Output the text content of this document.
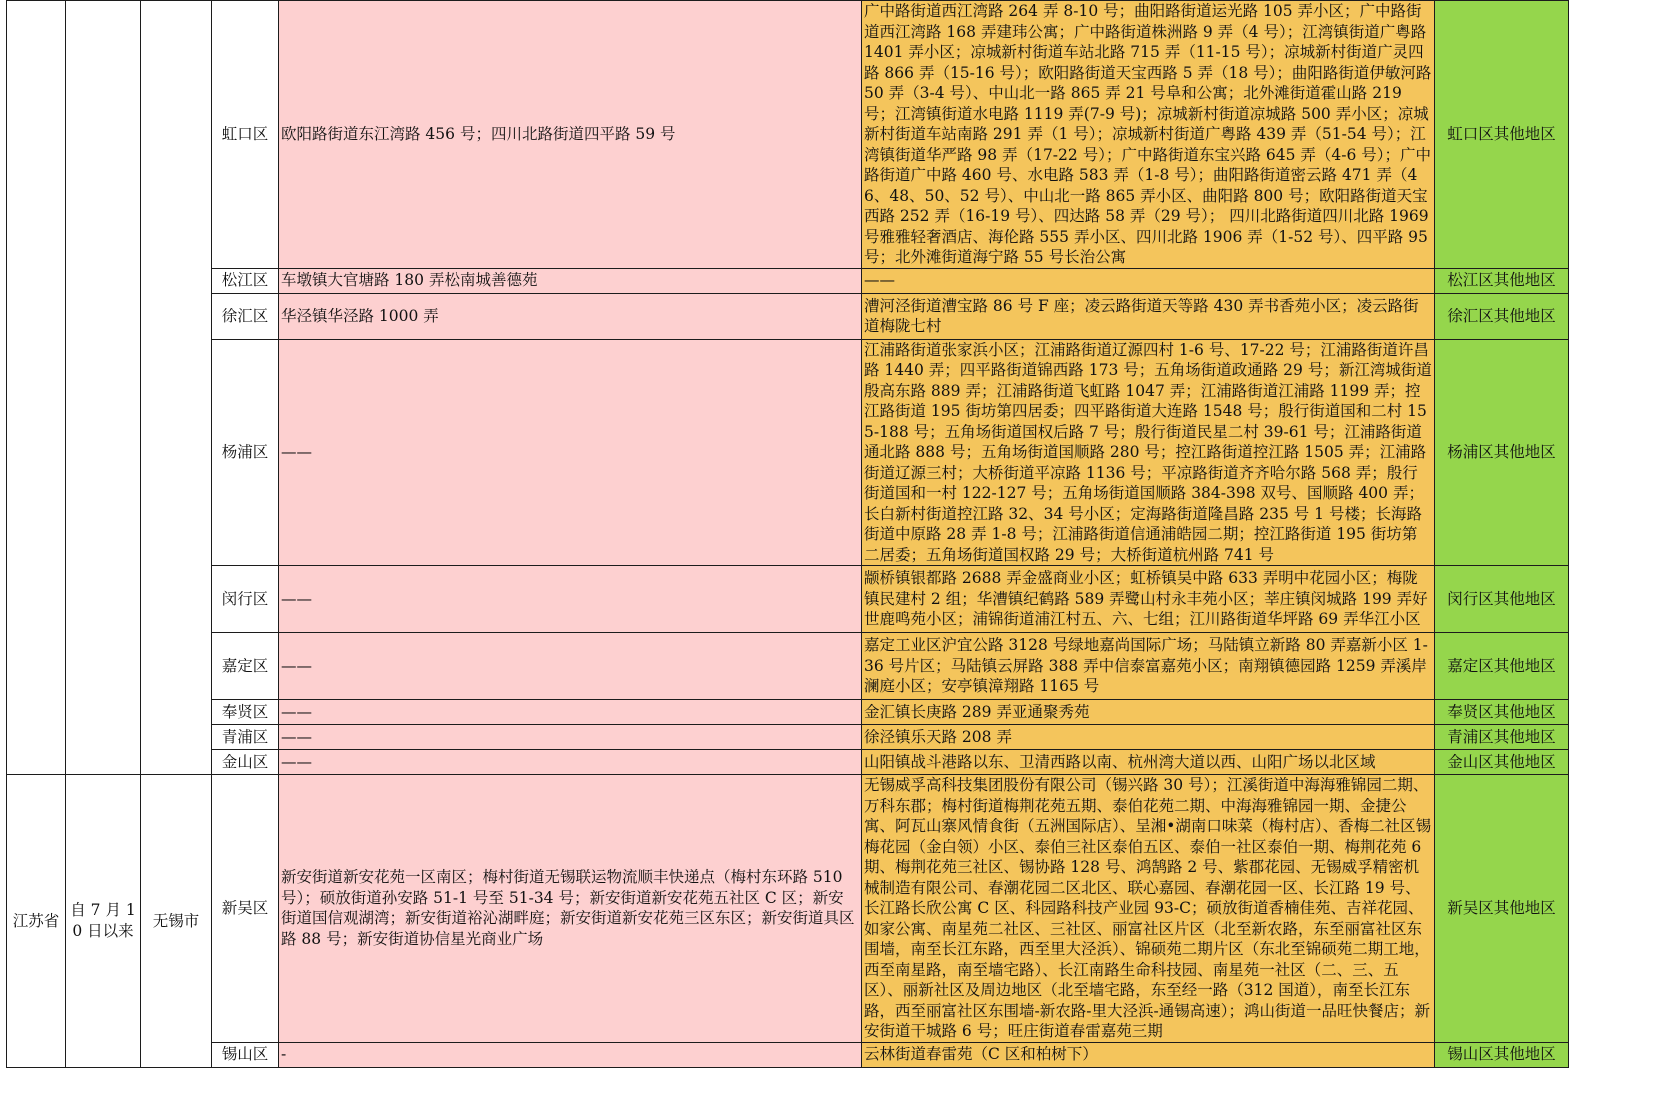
			虹口区	欧阳路街道东江湾路 456 号；四川北路街道四平路 59 号	广中路街道西江湾路 264 弄 8-10 号；曲阳路街道运光路 105 弄小区；广中路街道西江湾路 168 弄建玮公寓；广中路街道株洲路 9 弄（4 号）；江湾镇街道广粤路 1401 弄小区；凉城新村街道车站北路 715 弄（11-15 号）；凉城新村街道广灵四路 866 弄（15-16 号）；欧阳路街道天宝西路 5 弄（18 号）；曲阳路街道伊敏河路 50 弄（3-4 号）、中山北一路 865 弄 21 号阜和公寓；北外滩街道霍山路 219 号；江湾镇街道水电路 1119 弄(7-9 号)；凉城新村街道凉城路 500 弄小区；凉城新村街道车站南路 291 弄（1 号）；凉城新村街道广粤路 439 弄（51-54 号）；江湾镇街道华严路 98 弄（17-22 号）；广中路街道东宝兴路 645 弄（4-6 号）；广中路街道广中路 460 号、水电路 583 弄（1-8 号）；曲阳路街道密云路 471 弄（46、48、50、52 号）、中山北一路 865 弄小区、曲阳路 800 号；欧阳路街道天宝西路 252 弄（16-19 号）、四达路 58 弄（29 号）； 四川北路街道四川北路 1969 号雅雅轻奢酒店、海伦路 555 弄小区、四川北路 1906 弄（1-52 号）、四平路 95 号；北外滩街道海宁路 55 号长治公寓	虹口区其他地区
			松江区	车墩镇大官塘路 180 弄松南城善德苑	——	松江区其他地区
			徐汇区	华泾镇华泾路 1000 弄	漕河泾街道漕宝路 86 号 F 座；凌云路街道天等路 430 弄书香苑小区；凌云路街道梅陇七村	徐汇区其他地区
			杨浦区	——	江浦路街道张家浜小区；江浦路街道辽源四村 1-6 号、17-22 号；江浦路街道许昌路 1440 弄；四平路街道锦西路 173 号；五角场街道政通路 29 号；新江湾城街道殷高东路 889 弄；江浦路街道飞虹路 1047 弄；江浦路街道江浦路 1199 弄；控江路街道 195 街坊第四居委；四平路街道大连路 1548 号；殷行街道国和二村 155-188 号；五角场街道国权后路 7 号；殷行街道民星二村 39-61 号；江浦路街道通北路 888 号；五角场街道国顺路 280 号；控江路街道控江路 1505 弄；江浦路街道辽源三村；大桥街道平凉路 1136 号；平凉路街道齐齐哈尔路 568 弄；殷行街道国和一村 122-127 号；五角场街道国顺路 384-398 双号、国顺路 400 弄；长白新村街道控江路 32、34 号小区；定海路街道隆昌路 235 号 1 号楼；长海路街道中原路 28 弄 1-8 号；江浦路街道信通浦皓园二期；控江路街道 195 街坊第二居委；五角场街道国权路 29 号；大桥街道杭州路 741 号	杨浦区其他地区
			闵行区	——	颛桥镇银都路 2688 弄金盛商业小区；虹桥镇吴中路 633 弄明中花园小区；梅陇镇民建村 2 组；华漕镇纪鹤路 589 弄鹭山村永丰苑小区；莘庄镇闵城路 199 弄好世鹿鸣苑小区；浦锦街道浦江村五、六、七组；江川路街道华坪路 69 弄华江小区	闵行区其他地区
			嘉定区	——	嘉定工业区沪宜公路 3128 号绿地嘉尚国际广场；马陆镇立新路 80 弄嘉新小区 1-36 号片区；马陆镇云屏路 388 弄中信泰富嘉苑小区；南翔镇德园路 1259 弄溪岸澜庭小区；安亭镇漳翔路 1165 号	嘉定区其他地区
			奉贤区	——	金汇镇长庚路 289 弄亚通聚秀苑	奉贤区其他地区
			青浦区	——	徐泾镇乐天路 208 弄	青浦区其他地区
			金山区	——	山阳镇战斗港路以东、卫清西路以南、杭州湾大道以西、山阳广场以北区域	金山区其他地区
江苏省	自 7 月 10 日以来	无锡市	新吴区	新安街道新安花苑一区南区；梅村街道无锡联运物流顺丰快递点（梅村东环路 510 号）；硕放街道孙安路 51-1 号至 51-34 号；新安街道新安花苑五社区 C 区；新安街道国信观湖湾；新安街道裕沁湖畔庭；新安街道新安花苑三区东区；新安街道具区路 88 号；新安街道协信星光商业广场	无锡威孚高科技集团股份有限公司（锡兴路 30 号）；江溪街道中海海雅锦园二期、万科东郡；梅村街道梅荆花苑五期、泰伯花苑二期、中海海雅锦园一期、金捷公寓、阿瓦山寨风情食街（五洲国际店）、呈湘•湖南口味菜（梅村店）、香梅二社区锡梅花园（金白领）小区、泰伯三社区泰伯五区、泰伯一社区泰伯一期、梅荆花苑 6 期、梅荆花苑三社区、锡协路 128 号、鸿鹄路 2 号、紫郡花园、无锡威孚精密机械制造有限公司、春潮花园二区北区、联心嘉园、春潮花园一区、长江路 19 号、长江路长欣公寓 C 区、科园路科技产业园 93-C；硕放街道香楠佳苑、吉祥花园、如家公寓、南星苑二社区、三社区、丽富社区片区（北至新农路，东至丽富社区东围墙，南至长江东路，西至里大泾浜）、锦硕苑二期片区（东北至锦硕苑二期工地，西至南星路，南至墙宅路）、长江南路生命科技园、南星苑一社区（二、三、五区）、丽新社区及周边地区（北至墙宅路，东至经一路（312 国道），南至长江东路，西至丽富社区东围墙-新农路-里大泾浜-通锡高速）；鸿山街道一品旺快餐店；新安街道干城路 6 号；旺庄街道春雷嘉苑三期	新吴区其他地区
			锡山区	-	云林街道春雷苑（C 区和柏树下）	锡山区其他地区
